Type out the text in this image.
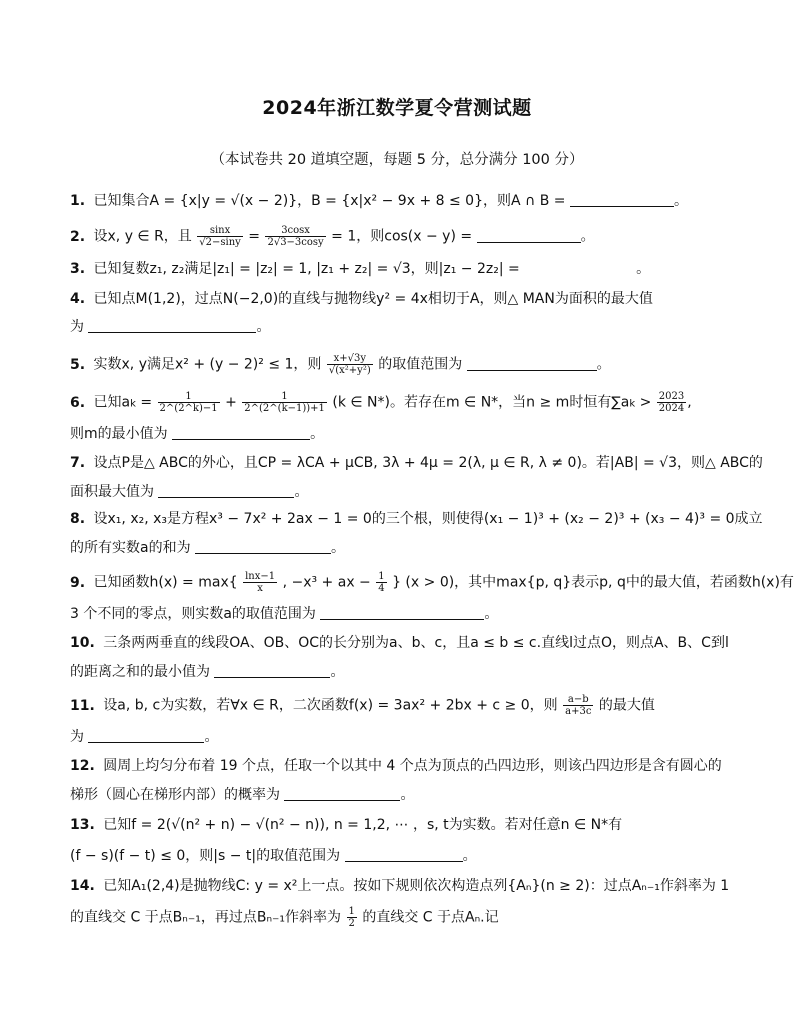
2024年浙江数学夏令营测试题
（本试卷共 20 道填空题，每题 5 分，总分满分 100 分）
1. 已知集合A = {x|y = √(x − 2)}，B = {x|x² − 9x + 8 ≤ 0}，则A ∩ B =	。
2. 设x, y ∈ R，且 $\frac{\sin x}{√2-\sin y} = \frac{3\cos x}{2√3-3\cos y} = 1$，则cos(x − y) =	。
3. 已知复数z₁, z₂满足|z₁| = |z₂| = 1, |z₁ + z₂| = √3，则|z₁ − 2z₂| =	。
4. 已知点M(1,2)，过点N(−2,0)的直线与抛物线y² = 4x相切于A，则△ MAN为面积的最大值
为	。
5. 实数x, y满足x² + (y − 2)² ≤ 1，则 $\frac{x+√3y}{\text{√(x²+y²)}}$ 的取值范围为	。
6. 已知ak = $\frac{1}{2\^{}(2\^{}k)-1} + \frac{1}{2\^{}(2\^{}(k-1))+1} (k$ ∈ N*)。若存在m ∈ N*，当n ≥ m时恒有$\sum ak > \frac{2023}{2024}$ ,
则m的最小值为	。
7. 设点P是△ ABC的外心，且CP = λCA + μCB, 3λ + 4μ = 2(λ, μ ∈ R, λ ≠ 0)。若|AB| = √3，则△ ABC的
面积最大值为	。
8. 设x₁, x₂, x₃是方程x³ − 7x² + 2ax − 1 = 0的三个根，则使得(x₁ − 1)³ + (x₂ − 2)³ + (x₃ − 4)³ = 0成立
的所有实数a的和为	。
9. 已知函数$h(x) = \max\{ \frac{\ln x-1}{x}$ , −x³ + ax − $\frac{1}{4}$ } (x > 0)，其中max{p, q}表示p, q中的最大值，若函数h(x)有
3 个不同的零点，则实数a的取值范围为	。
10. 三条两两垂直的线段OA、OB、OC的长分别为a、b、c，且a ≤ b ≤ c.直线l过点O，则点A、B、C到l
的距离之和的最小值为	。
11. 设a, b, c为实数，若∀x ∈ R，二次函数f(x) = 3ax² + 2bx + c ≥ 0，则 $\frac{a-b}{a+3c}$ 的最大值
为	。
12. 圆周上均匀分布着 19 个点，任取一个以其中 4 个点为顶点的凸四边形，则该凸四边形是含有圆心的
梯形（圆心在梯形内部）的概率为	。
13. 已知f = 2(√(n² + n) − √(n² − n)), n = 1,2, ⋯ ，s, t为实数。若对任意n ∈ N*有
(f − s)(f − t) ≤ 0，则|s − t|的取值范围为	。
14. 已知A₁(2,4)是抛物线C: y = x²上一点。按如下规则依次构造点列{Aₙ}(n ≥ 2)：过点Aₙ₋₁作斜率为 1
的直线交 C 于点Bₙ₋₁，再过点Bₙ₋₁作斜率为 $\frac{1}{2}$ 的直线交 C 于点Aₙ.记
